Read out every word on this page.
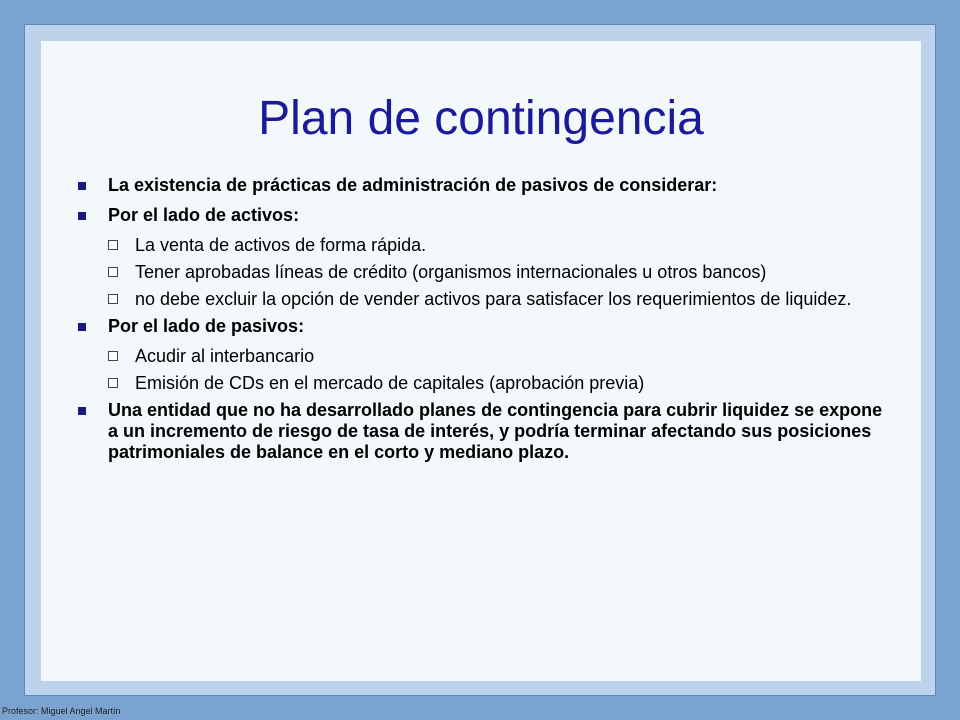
Plan de contingencia
La existencia de prácticas de administración de pasivos de considerar:
Por el lado de activos:
La venta de activos de forma rápida.
Tener aprobadas líneas de crédito (organismos internacionales u otros bancos)
no debe excluir la opción de vender activos para satisfacer los requerimientos de liquidez.
Por el lado de pasivos:
Acudir al interbancario
Emisión de CDs en el mercado de capitales (aprobación previa)
Una entidad que no ha desarrollado planes de contingencia para cubrir liquidez se expone a un incremento de riesgo de tasa de interés, y podría terminar afectando sus posiciones patrimoniales de balance en el corto y mediano plazo.
Profesor: Miguel Angel Martín
